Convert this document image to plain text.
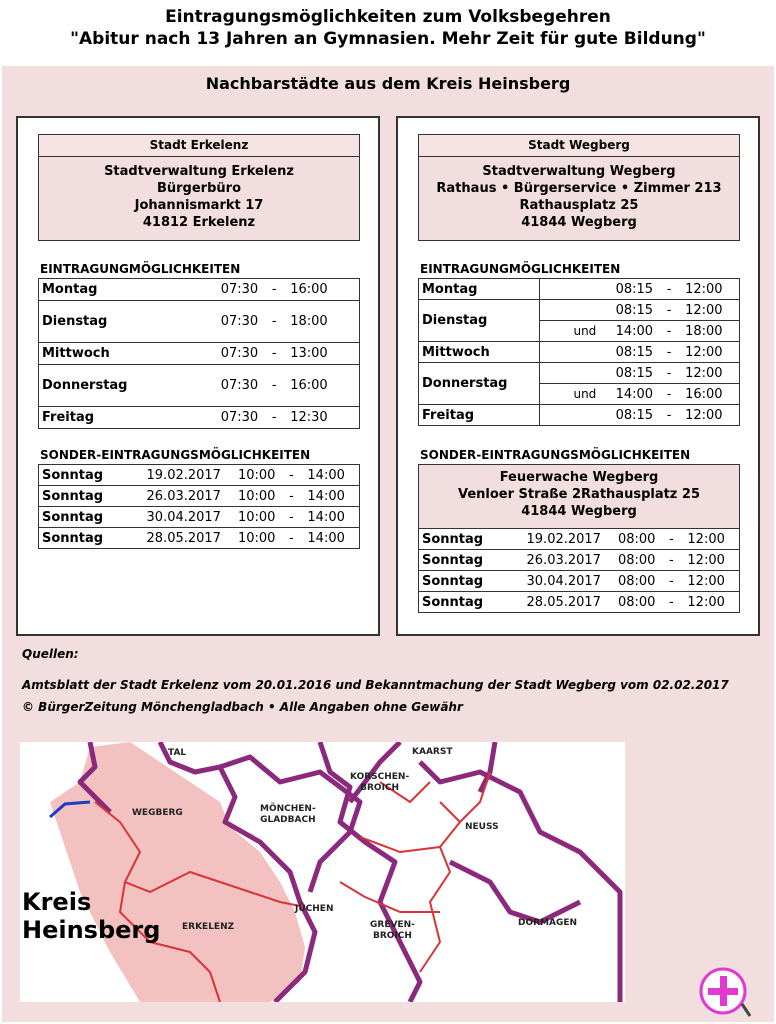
Eintragungsmöglichkeiten zum Volksbegehren
"Abitur nach 13 Jahren an Gymnasien. Mehr Zeit für gute Bildung"
Nachbarstädte aus dem Kreis Heinsberg
Stadt Erkelenz
Stadtverwaltung Erkelenz
Bürgerbüro
Johannismarkt 17
41812 Erkelenz
EINTRAGUNGMÖGLICHKEITEN
Montag	07:30	-	16:00
Dienstag	07:30	-	18:00
Mittwoch	07:30	-	13:00
Donnerstag	07:30	-	16:00
Freitag	07:30	-	12:30
SONDER-EINTRAGUNGSMÖGLICHKEITEN
Sonntag	19.02.2017	10:00	-	14:00
Sonntag	26.03.2017	10:00	-	14:00
Sonntag	30.04.2017	10:00	-	14:00
Sonntag	28.05.2017	10:00	-	14:00
Stadt Wegberg
Stadtverwaltung Wegberg
Rathaus • Bürgerservice • Zimmer 213
Rathausplatz 25
41844 Wegberg
EINTRAGUNGMÖGLICHKEITEN
Montag		08:15	-	12:00
Dienstag		08:15	-	12:00
	und	14:00	-	18:00
Mittwoch		08:15	-	12:00
Donnerstag		08:15	-	12:00
	und	14:00	-	16:00
Freitag		08:15	-	12:00
SONDER-EINTRAGUNGSMÖGLICHKEITEN
Feuerwache Wegberg
Venloer Straße 2Rathausplatz 25
41844 Wegberg
Sonntag	19.02.2017	08:00	-	12:00
Sonntag	26.03.2017	08:00	-	12:00
Sonntag	30.04.2017	08:00	-	12:00
Sonntag	28.05.2017	08:00	-	12:00
Quellen:
Amtsblatt der Stadt Erkelenz vom 20.01.2016 und Bekanntmachung der Stadt Wegberg vom 02.02.2017
© BürgerZeitung Mönchengladbach • Alle Angaben ohne Gewähr
TAL	KAARST
KORSCHEN-
BROICH
WEGBERG	MÖNCHEN-
GLADBACH
NEUSS
JÜCHEN
GREVEN-
BROICH
DORMAGEN
ERKELENZ
Kreis
Heinsberg
